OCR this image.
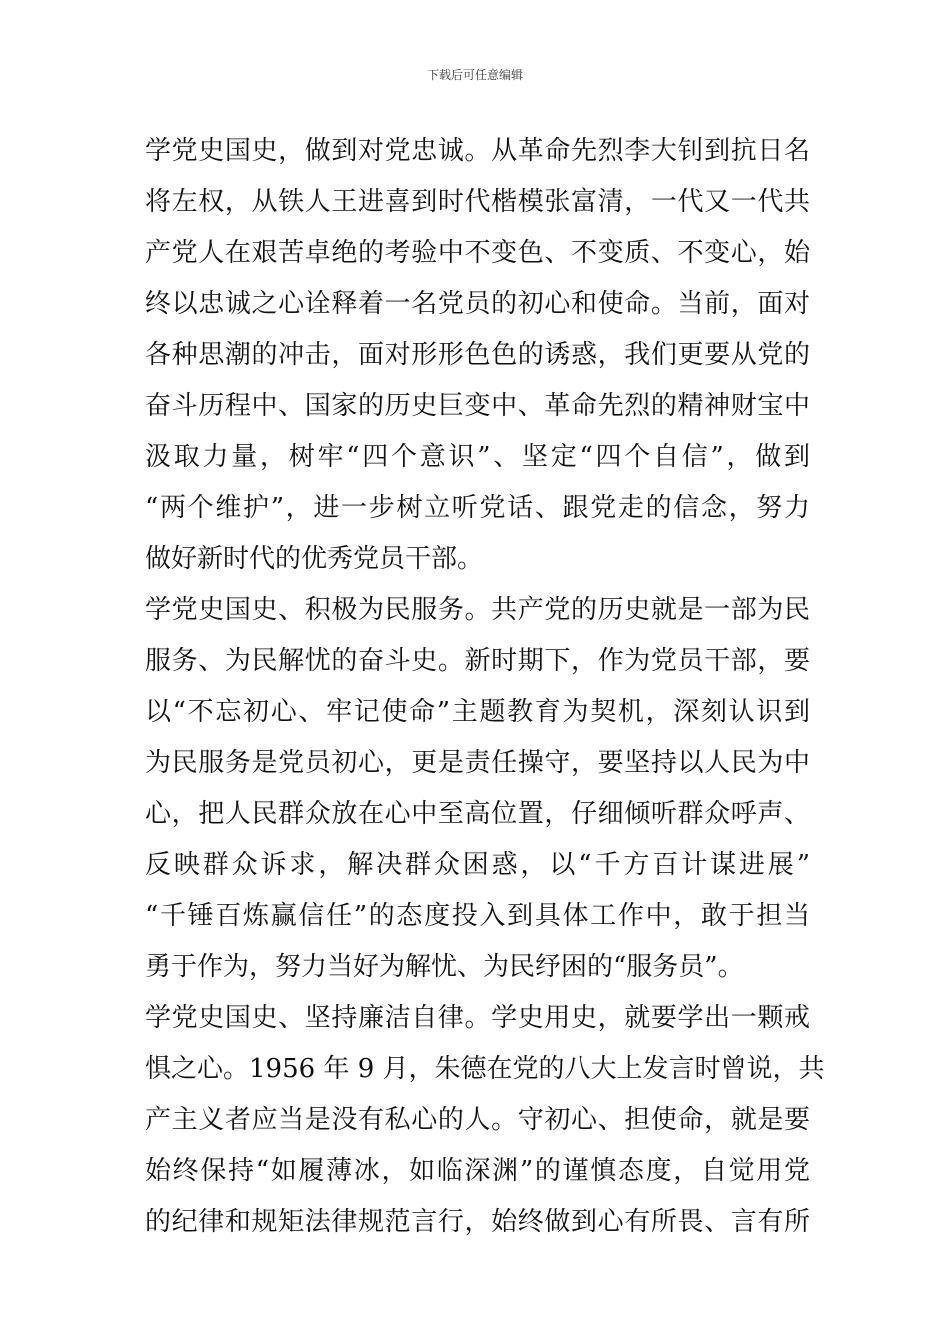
下载后可任意编辑
学党史国史，做到对党忠诚。从革命先烈李大钊到抗日名
将左权，从铁人王进喜到时代楷模张富清，一代又一代共
产党人在艰苦卓绝的考验中不变色、不变质、不变心，始
终以忠诚之心诠释着一名党员的初心和使命。当前，面对
各种思潮的冲击，面对形形色色的诱惑，我们更要从党的
奋斗历程中、国家的历史巨变中、革命先烈的精神财宝中
汲取力量，树牢“四个意识”、坚定“四个自信”，做到
“两个维护”，进一步树立听党话、跟党走的信念，努力
做好新时代的优秀党员干部。
学党史国史、积极为民服务。共产党的历史就是一部为民
服务、为民解忧的奋斗史。新时期下，作为党员干部，要
以“不忘初心、牢记使命”主题教育为契机，深刻认识到
为民服务是党员初心，更是责任操守，要坚持以人民为中
心，把人民群众放在心中至高位置，仔细倾听群众呼声、
反映群众诉求，解决群众困惑，以“千方百计谋进展”
“千锤百炼赢信任”的态度投入到具体工作中，敢于担当
勇于作为，努力当好为解忧、为民纾困的“服务员”。
学党史国史、坚持廉洁自律。学史用史，就要学出一颗戒
惧之心。1956 年 9 月，朱德在党的八大上发言时曾说，共
产主义者应当是没有私心的人。守初心、担使命，就是要
始终保持“如履薄冰，如临深渊”的谨慎态度，自觉用党
的纪律和规矩法律规范言行，始终做到心有所畏、言有所
